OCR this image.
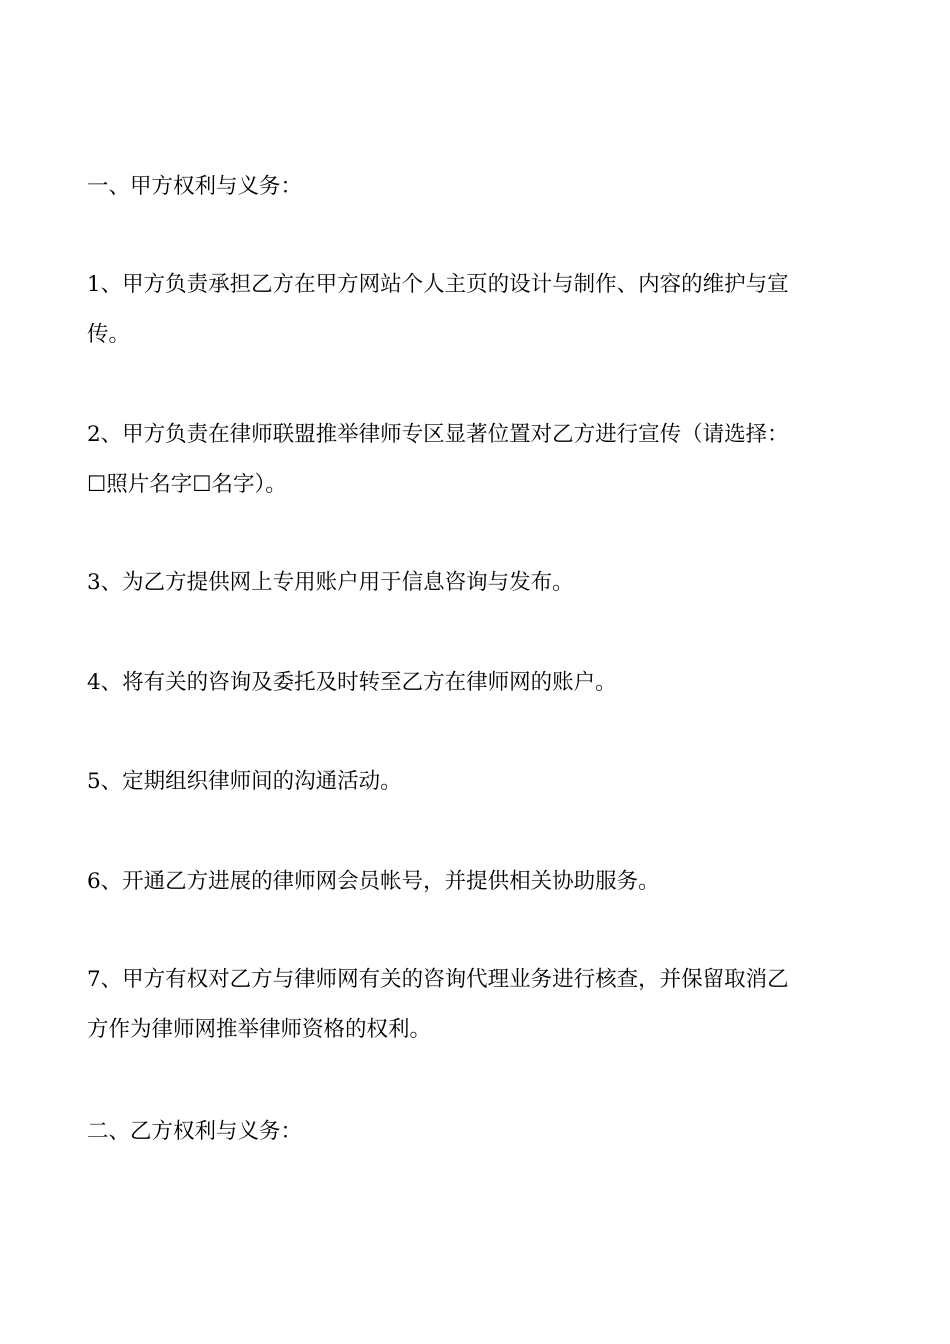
一、甲方权利与义务：

1、甲方负责承担乙方在甲方网站个人主页的设计与制作、内容的维护与宣
传。

2、甲方负责在律师联盟推举律师专区显著位置对乙方进行宣传（请选择：
☐照片名字☐名字）。

3、为乙方提供网上专用账户用于信息咨询与发布。

4、将有关的咨询及委托及时转至乙方在律师网的账户。

5、定期组织律师间的沟通活动。

6、开通乙方进展的律师网会员帐号，并提供相关协助服务。

7、甲方有权对乙方与律师网有关的咨询代理业务进行核查，并保留取消乙
方作为律师网推举律师资格的权利。

二、乙方权利与义务：
